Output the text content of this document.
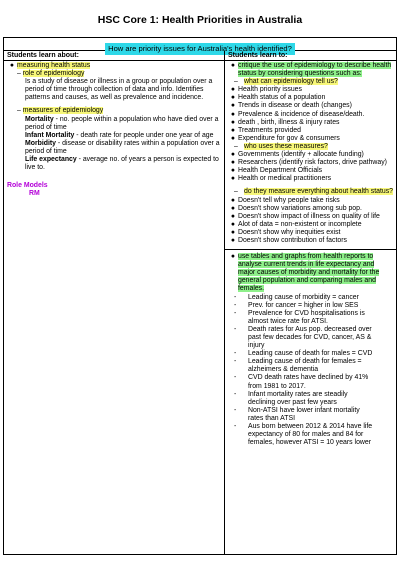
HSC Core 1: Health Priorities in Australia
How are priority issues for Australia's health identified?
Students learn about:
● measuring health status
– role of epidemiology
Is a study of disease or illness in a group or population over a period of time through collection of data and info. Identifies patterns and causes, as well as prevalence and incidence.
– measures of epidemiology
Mortality - no. people within a population who have died over a period of time
Infant Mortality - death rate for people under one year of age
Morbidity - disease or disability rates within a population over a period of time
Life expectancy - average no. of years a person is expected to live to.
Role Models
RM
Students learn to:
● critique the use of epidemiology to describe health status by considering questions such as:
– what can epidemiology tell us?
● Health priority issues
● Health status of a population
● Trends in disease or death (changes)
● Prevalence & incidence of disease/death.
● death , birth, illness & injury rates
● Treatments provided
● Expenditure for gov & consumers
– who uses these measures?
● Governments (identify + allocate funding)
● Researchers (identify risk factors, drive pathway)
● Health Department Officials
● Health or medical practitioners
– do they measure everything about health status?
● Doesn't tell why people take risks
● Doesn't show variations among sub pop.
● Doesn't show impact of illness on quality of life
● Alot of data = non-existent or incomplete
● Doesn't show why inequities exist
● Doesn't show contribution of factors
● use tables and graphs from health reports to analyse current trends in life expectancy and major causes of morbidity and mortality for the general population and comparing males and females.
-	Leading cause of morbidity = cancer
-	Prev. for cancer = higher in low SES
-	Prevalence for CVD hospitalisations is almost twice rate for ATSI.
-	Death rates for Aus pop. decreased over past few decades for CVD, cancer, AS & injury
-	Leading cause of death for males = CVD
-	Leading cause of death for females = alzheimers & dementia
-	CVD death rates have declined by 41% from 1981 to 2017.
-	Infant mortality rates are steadily declining over past few years
-	Non-ATSI have lower infant mortality rates than ATSI
-	Aus born between 2012 & 2014 have life expectancy of 80 for males and 84 for females, however ATSI = 10 years lower
